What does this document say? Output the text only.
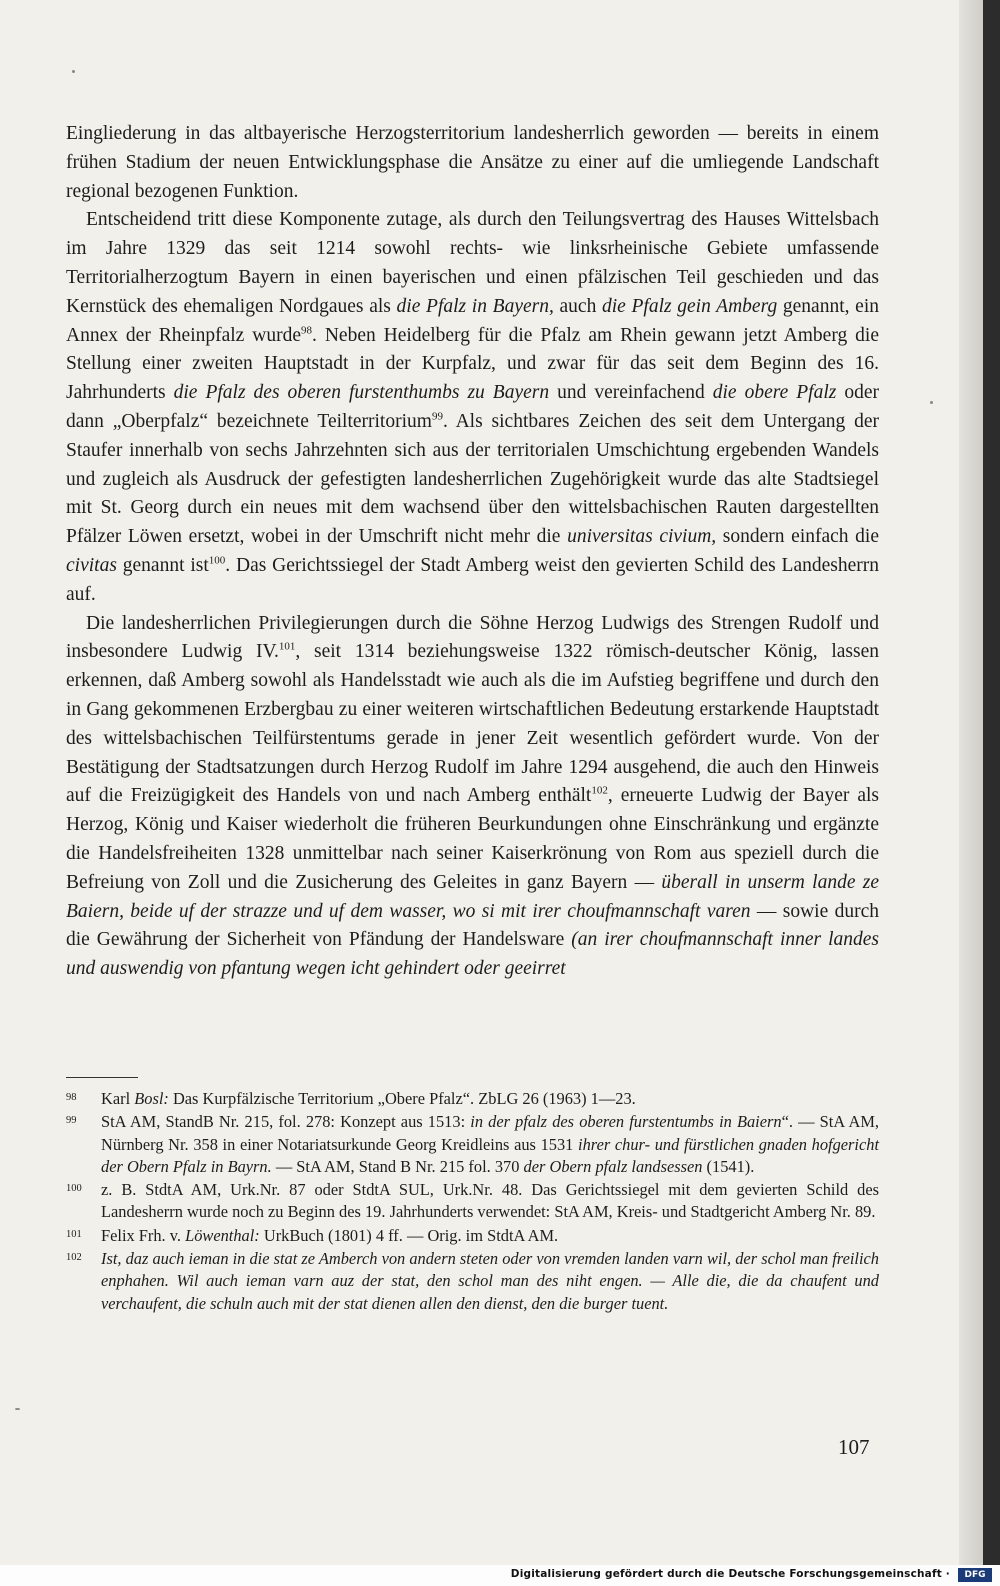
Eingliederung in das altbayerische Herzogsterritorium landesherrlich geworden — bereits in einem frühen Stadium der neuen Entwicklungsphase die Ansätze zu einer auf die umliegende Landschaft regional bezogenen Funktion.

Entscheidend tritt diese Komponente zutage, als durch den Teilungsvertrag des Hauses Wittelsbach im Jahre 1329 das seit 1214 sowohl rechts- wie linksrheinische Gebiete umfassende Territorialherzogtum Bayern in einen bayerischen und einen pfälzischen Teil geschieden und das Kernstück des ehemaligen Nordgaues als die Pfalz in Bayern, auch die Pfalz gein Amberg genannt, ein Annex der Rheinpfalz wurde$^{98}$. Neben Heidelberg für die Pfalz am Rhein gewann jetzt Amberg die Stellung einer zweiten Hauptstadt in der Kurpfalz, und zwar für das seit dem Beginn des 16. Jahrhunderts die Pfalz des oberen furstenthumbs zu Bayern und vereinfachend die obere Pfalz oder dann „Oberpfalz“ bezeichnete Teilterritorium$^{99}$. Als sichtbares Zeichen des seit dem Untergang der Staufer innerhalb von sechs Jahrzehnten sich aus der territorialen Umschichtung ergebenden Wandels und zugleich als Ausdruck der gefestigten landesherrlichen Zugehörigkeit wurde das alte Stadtsiegel mit St. Georg durch ein neues mit dem wachsend über den wittelsbachischen Rauten dargestellten Pfälzer Löwen ersetzt, wobei in der Umschrift nicht mehr die universitas civium, sondern einfach die civitas genannt ist$^{100}$. Das Gerichtssiegel der Stadt Amberg weist den gevierten Schild des Landesherrn auf.

Die landesherrlichen Privilegierungen durch die Söhne Herzog Ludwigs des Strengen Rudolf und insbesondere Ludwig IV.$^{101}$, seit 1314 beziehungsweise 1322 römisch-deutscher König, lassen erkennen, daß Amberg sowohl als Handelsstadt wie auch als die im Aufstieg begriffene und durch den in Gang gekommenen Erzbergbau zu einer weiteren wirtschaftlichen Bedeutung erstarkende Hauptstadt des wittelsbachischen Teilfürstentums gerade in jener Zeit wesentlich gefördert wurde. Von der Bestätigung der Stadtsatzungen durch Herzog Rudolf im Jahre 1294 ausgehend, die auch den Hinweis auf die Freizügigkeit des Handels von und nach Amberg enthält$^{102}$, erneuerte Ludwig der Bayer als Herzog, König und Kaiser wiederholt die früheren Beurkundungen ohne Einschränkung und ergänzte die Handelsfreiheiten 1328 unmittelbar nach seiner Kaiserkrönung von Rom aus speziell durch die Befreiung von Zoll und die Zusicherung des Geleites in ganz Bayern — überall in unserm lande ze Baiern, beide uf der strazze und uf dem wasser, wo si mit irer choufmannschaft varen — sowie durch die Gewährung der Sicherheit von Pfändung der Handelsware (an irer choufmannschaft inner landes und auswendig von pfantung wegen icht gehindert oder geeirret

98 Karl Bosl: Das Kurpfälzische Territorium „Obere Pfalz“. ZbLG 26 (1963) 1—23.

99 StA AM, StandB Nr. 215, fol. 278: Konzept aus 1513: in der pfalz des oberen furstentumbs in Baiern“. — StA AM, Nürnberg Nr. 358 in einer Notariatsurkunde Georg Kreidleins aus 1531 ihrer chur- und fürstlichen gnaden hofgericht der Obern Pfalz in Bayrn. — StA AM, Stand B Nr. 215 fol. 370 der Obern pfalz landsessen (1541).

100 z. B. StdtA AM, Urk.Nr. 87 oder StdtA SUL, Urk.Nr. 48. Das Gerichtssiegel mit dem gevierten Schild des Landesherrn wurde noch zu Beginn des 19. Jahrhunderts verwendet: StA AM, Kreis- und Stadtgericht Amberg Nr. 89.

101 Felix Frh. v. Löwenthal: UrkBuch (1801) 4 ff. — Orig. im StdtA AM.

102 Ist, daz auch ieman in die stat ze Amberch von andern steten oder von vremden landen varn wil, der schol man freilich enphahen. Wil auch ieman varn auz der stat, den schol man des niht engen. — Alle die, die da chaufent und verchaufent, die schuln auch mit der stat dienen allen den dienst, den die burger tuent.

107
Digitalisierung gefördert durch die Deutsche Forschungsgemeinschaft ·	DFG
